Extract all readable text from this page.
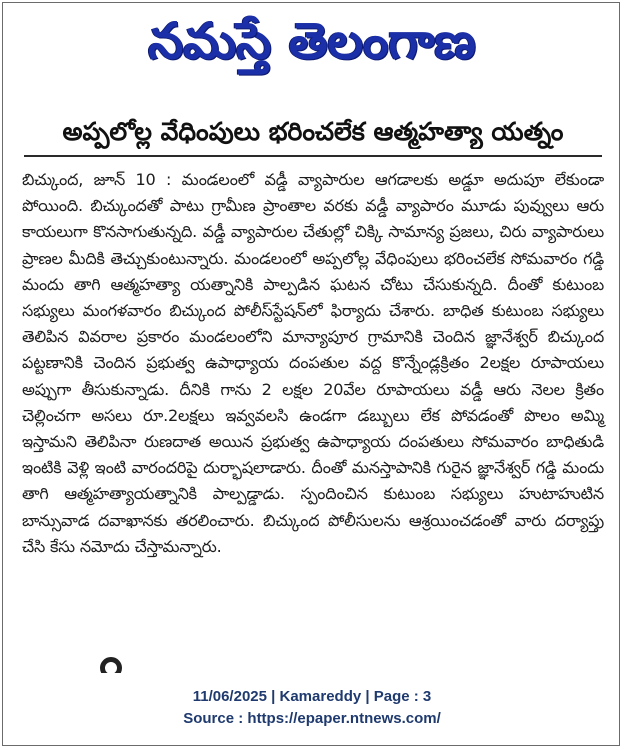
నమస్తే తెలంగాణ
అప్పలోల్ల వేధింపులు భరించలేక ఆత్మహత్యా యత్నం

బిచ్కుంద, జూన్ 10 : మండలంలో వడ్డీ వ్యాపారుల ఆగడాలకు అడ్డూ అదుపూ లేకుండా పోయింది. బిచ్కుందతో పాటు గ్రామీణ ప్రాంతాల వరకు వడ్డీ వ్యాపారం మూడు పువ్వులు ఆరు కాయలుగా కొనసాగుతున్నది. వడ్డీ వ్యాపారుల చేతుల్లో చిక్కి సామాన్య ప్రజలు, చిరు వ్యాపారులు ప్రాణల మీదికి తెచ్చుకుంటున్నారు. మండలంలో అప్పలోల్ల వేధింపులు భరించలేక సోమవారం గడ్డి మందు తాగి ఆత్మహత్యా యత్నానికి పాల్పడిన ఘటన చోటు చేసుకున్నది. దీంతో కుటుంబ సభ్యులు మంగళవారం బిచ్కుంద పోలీస్‌స్టేషన్‌లో ఫిర్యాదు చేశారు. బాధిత కుటుంబ సభ్యులు తెలిపిన వివరాల ప్రకారం మండలంలోని మాన్యాపూర గ్రామానికి చెందిన జ్ఞానేశ్వర్ బిచ్కుంద పట్టణానికి చెందిన ప్రభుత్వ ఉపాధ్యాయ దంపతుల వద్ద కొన్నేండ్లక్రితం 2లక్షల రూపాయలు అప్పుగా తీసుకున్నాడు. దీనికి గాను 2 లక్షల 20వేల రూపాయలు వడ్డీ ఆరు నెలల క్రితం చెల్లించగా అసలు రూ.2లక్షలు ఇవ్వవలసి ఉండగా డబ్బులు లేక పోవడంతో పొలం అమ్మి ఇస్తామని తెలిపినా రుణదాత అయిన ప్రభుత్వ ఉపాధ్యాయ దంపతులు సోమవారం బాధితుడి ఇంటికి వెళ్లి ఇంటి వారందరిపై దుర్భాషలాడారు. దీంతో మనస్తాపానికి గురైన జ్ఞానేశ్వర్ గడ్డి మందు తాగి ఆత్మహత్యాయత్నానికి పాల్పడ్డాడు. స్పందించిన కుటుంబ సభ్యులు హుటాహుటిన బాన్సువాడ దవాఖానకు తరలించారు. బిచ్కుంద పోలీసులను ఆశ్రయించడంతో వారు దర్యాప్తు చేసి కేసు నమోదు చేస్తామన్నారు.

11/06/2025 | Kamareddy | Page : 3
Source : https://epaper.ntnews.com/
